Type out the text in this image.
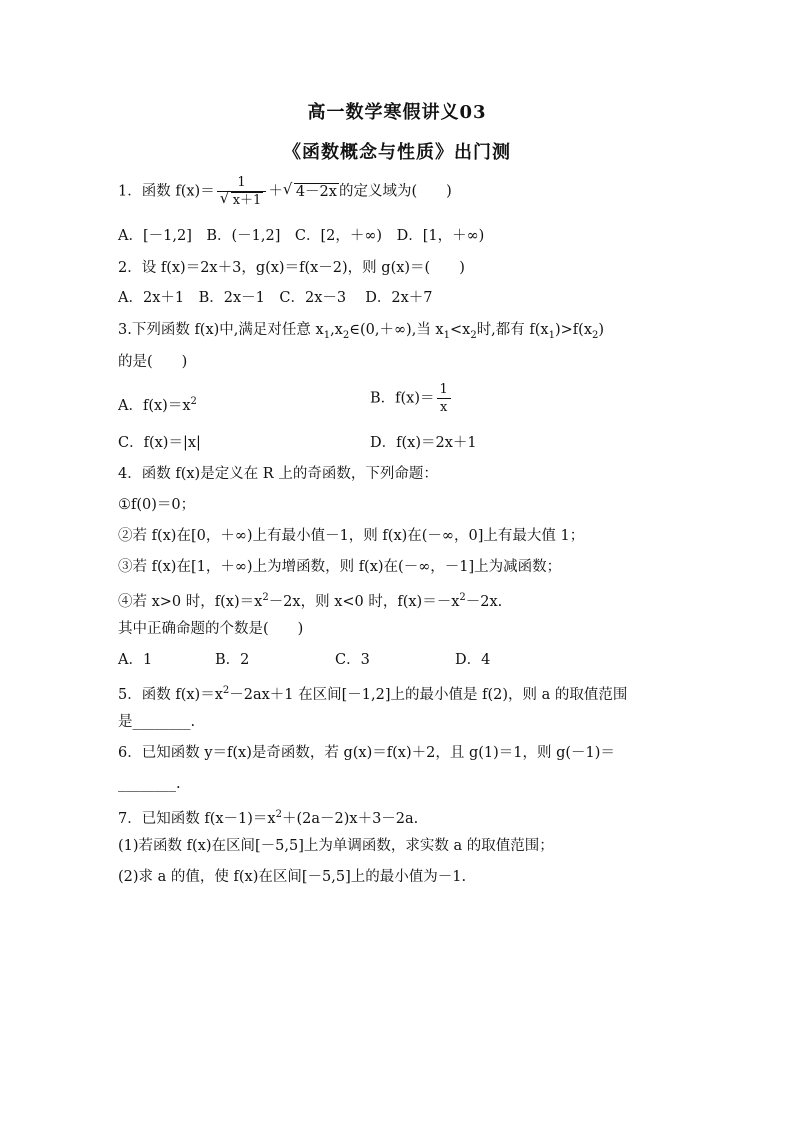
高一数学寒假讲义03
《函数概念与性质》出门测
1．函数 $f(x)= \frac{1}{√ x+1}$ ＋ √ 4－2x 的定义域为(　　)
A．[－1,2]　B．(－1,2]　C．[2，＋∞)　D．[1，＋∞)
2．设 f(x)＝2x＋3，g(x)＝f(x－2)，则 g(x)＝(　　)
A．2x＋1　B．2x－1　C．2x－3　 D．2x＋7
3.下列函数 f(x)中,满足对任意 $x_1,x_2\in(0,+\infty)$,当 $x_1<x_2$时,都有 $f(x_1)>f(x_2)$
的是(　　)
A．$f(x)=x^2$	B．$f(x)= \frac{1}{x}$
C．f(x)＝|x|	D．f(x)＝2x＋1
4．函数 f(x)是定义在 R 上的奇函数，下列命题：
①f(0)＝0；
②若 f(x)在[0，＋∞)上有最小值－1，则 f(x)在(－∞，0]上有最大值 1；
③若 f(x)在[1，＋∞)上为增函数，则 f(x)在(－∞，－1]上为减函数；
④若 x>0 时，$f(x)=x^2-2x$，则 x<0 时，$f(x)=-x^2-2x$.
其中正确命题的个数是(　　)
A．1	B．2	C．3	D．4
5．函数 $f(x)=x^2-2ax+1$ 在区间[－1,2]上的最小值是 f(2)，则 a 的取值范围
是________.
6．已知函数 y＝f(x)是奇函数，若 g(x)＝f(x)＋2，且 g(1)＝1，则 g(－1)＝
________.
7．已知函数 $f(x-1)=x^2+(2a-2)x+3-2a$.
(1)若函数 f(x)在区间[－5,5]上为单调函数，求实数 a 的取值范围；
(2)求 a 的值，使 f(x)在区间[－5,5]上的最小值为－1.
